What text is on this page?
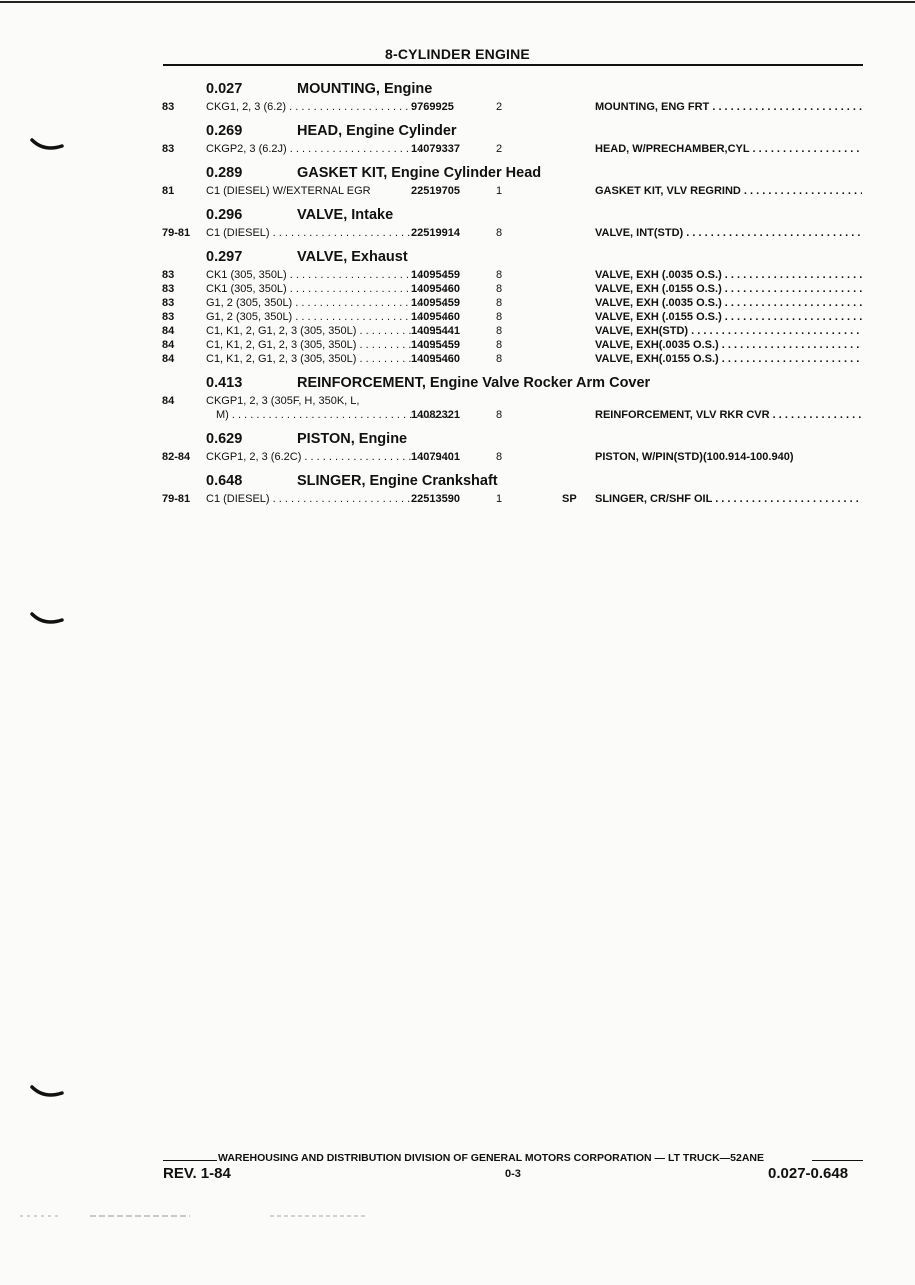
8-CYLINDER ENGINE
0.027	MOUNTING, Engine
83	CKG1, 2, 3 (6.2) . . .	9769925	2	MOUNTING, ENG FRT . . .
0.269	HEAD, Engine Cylinder
83	CKGP2, 3 (6.2J) . . .	14079337	2	HEAD, W/PRECHAMBER,CYL . . .
0.289	GASKET KIT, Engine Cylinder Head
81	C1 (DIESEL) W/EXTERNAL EGR	22519705	1	GASKET KIT, VLV REGRIND . . .
0.296	VALVE, Intake
79-81 C1 (DIESEL) . . .	22519914	8	VALVE, INT(STD) . . .
0.297	VALVE, Exhaust
83	CK1 (305, 350L) . . .	14095459	8	VALVE, EXH (.0035 O.S.) . . .
83	CK1 (305, 350L) . . .	14095460	8	VALVE, EXH (.0155 O.S.) . . .
83	G1, 2 (305, 350L) . . .	14095459	8	VALVE, EXH (.0035 O.S.) . . .
83	G1, 2 (305, 350L) . . .	14095460	8	VALVE, EXH (.0155 O.S.) . . .
84	C1, K1, 2, G1, 2, 3 (305, 350L) . . .	14095441	8	VALVE, EXH(STD) . . .
84	C1, K1, 2, G1, 2, 3 (305, 350L) . . .	14095459	8	VALVE, EXH(.0035 O.S.) . . .
84	C1, K1, 2, G1, 2, 3 (305, 350L) . . .	14095460	8	VALVE, EXH(.0155 O.S.) . . .
0.413	REINFORCEMENT, Engine Valve Rocker Arm Cover
84	CKGP1, 2, 3 (305F, H, 350K, L,
M) . . .	14082321	8	REINFORCEMENT, VLV RKR CVR . . .
0.629	PISTON, Engine
82-84 CKGP1, 2, 3 (6.2C) . . .	14079401	8	PISTON, W/PIN(STD)(100.914-100.940)
0.648	SLINGER, Engine Crankshaft
79-81 C1 (DIESEL) . . .	22513590	1	SP SLINGER, CR/SHF OIL . . .
WAREHOUSING AND DISTRIBUTION DIVISION OF GENERAL MOTORS CORPORATION — LT TRUCK—52ANE
REV. 1-84	0-3	0.027-0.648
